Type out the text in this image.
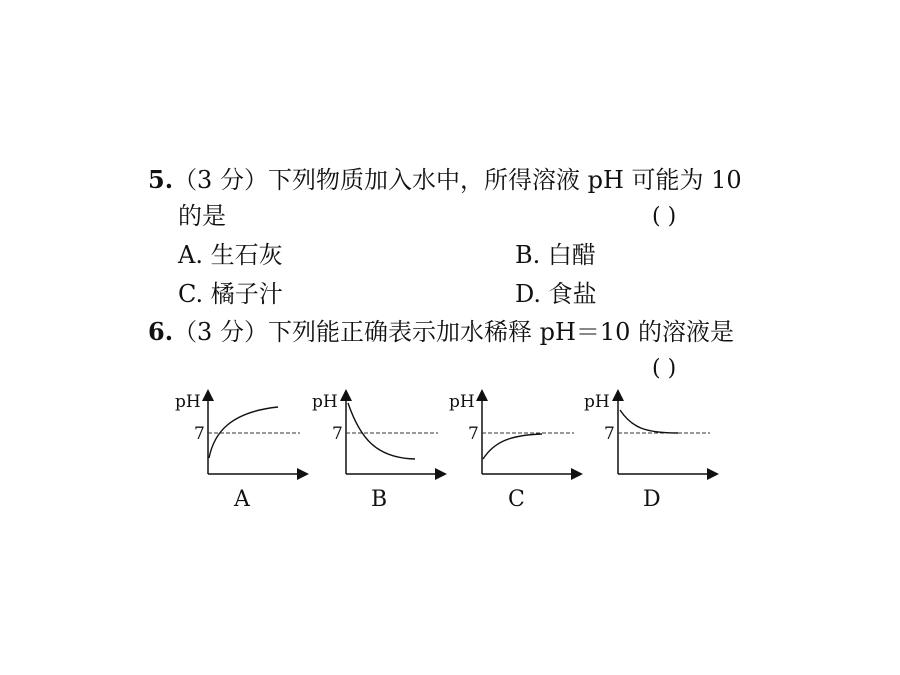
5.（3 分）下列物质加入水中，所得溶液 pH 可能为 10
的是	( )
A. 生石灰	B. 白醋
C. 橘子汁	D. 食盐
6.（3 分）下列能正确表示加水稀释 pH＝10 的溶液是
( )
pH
7
A
pH
7
B
pH
7
C
pH
7
D
